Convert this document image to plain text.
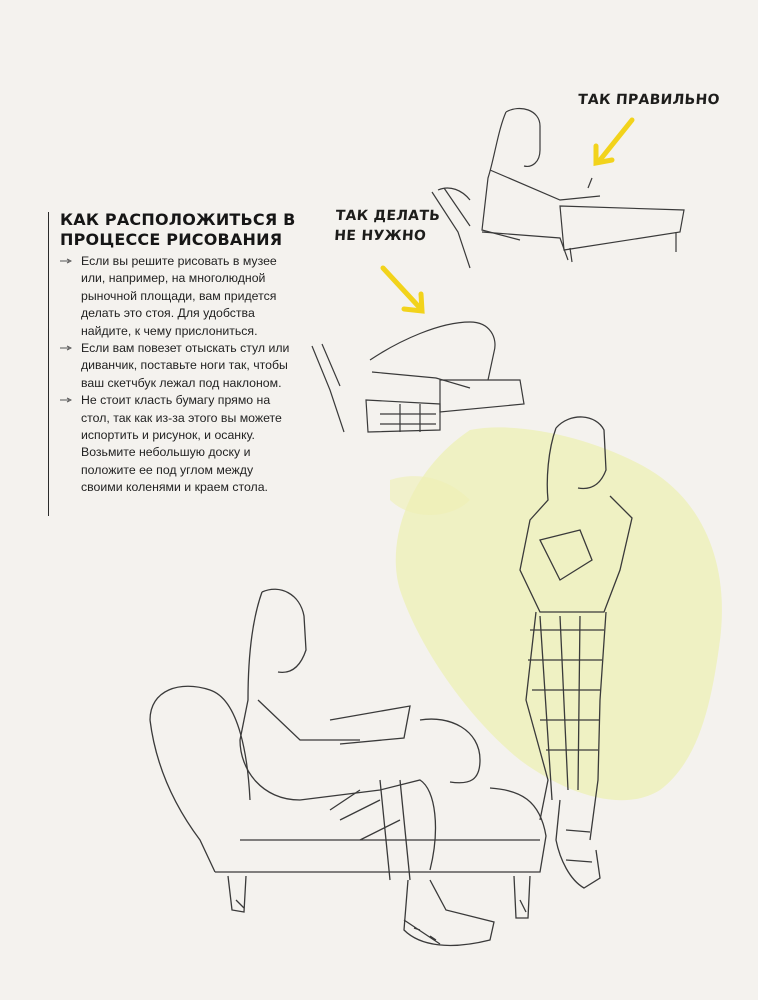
КАК РАСПОЛОЖИТЬСЯ В ПРОЦЕССЕ РИСОВАНИЯ
Если вы решите рисовать в музее или, например, на многолюдной рыночной площади, вам придется делать это стоя. Для удобства найдите, к чему прислониться.
Если вам повезет отыскать стул или диванчик, поставьте ноги так, чтобы ваш скетчбук лежал под наклоном.
Не стоит класть бумагу прямо на стол, так как из-за этого вы можете испортить и рисунок, и осанку. Возьмите небольшую доску и положите ее под углом между своими коленями и краем стола.

ТАК ПРАВИЛЬНО

ТАК ДЕЛАТЬ НЕ НУЖНО
